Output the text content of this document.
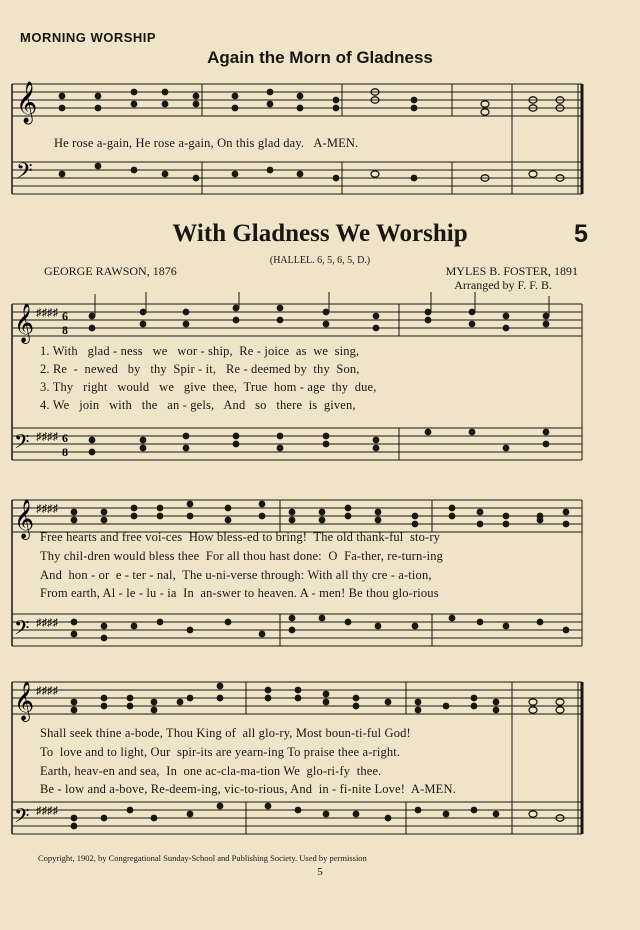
MORNING WORSHIP
Again the Morn of Gladness
𝄞
𝄢
He rose a-gain, He rose a-gain, On this glad day.   A-MEN.
With Gladness We Worship	5
(HALLEL. 6, 5, 6, 5, D.)
GEORGE RAWSON, 1876	MYLES B. FOSTER, 1891
Arranged by F. F. B.
𝄞
𝄢
♯♯♯♯
♯♯♯♯
6
8
6
8
1. With   glad - ness   we   wor - ship,  Re - joice  as  we  sing,
2. Re  -  newed   by   thy  Spir - it,   Re - deemed by  thy  Son,
3. Thy   right   would   we   give  thee,  True  hom - age  thy  due,
4. We   join   with   the   an - gels,   And   so   there  is  given,
𝄞
𝄢
♯♯♯♯
♯♯♯♯
Free hearts and free voi-ces  How bless-ed to bring!  The old thank-ful  sto-ry
Thy chil-dren would bless thee  For all thou hast done:  O  Fa-ther, re-turn-ing
And  hon - or  e - ter - nal,  The u-ni-verse through: With all thy cre - a-tion,
From earth, Al - le - lu - ia  In  an-swer to heaven. A - men! Be thou glo-rious
𝄞
𝄢
♯♯♯♯
♯♯♯♯
Shall seek thine a-bode, Thou King of  all glo-ry, Most boun-ti-ful God!
To  love and to light, Our  spir-its are yearn-ing To praise thee a-right.
Earth, heav-en and sea,  In  one ac-cla-ma-tion We  glo-ri-fy  thee.
Be - low and a-bove, Re-deem-ing, vic-to-rious, And  in - fi-nite Love!  A-MEN.
Copyright, 1902, by Congregational Sunday-School and Publishing Society. Used by permission
5
